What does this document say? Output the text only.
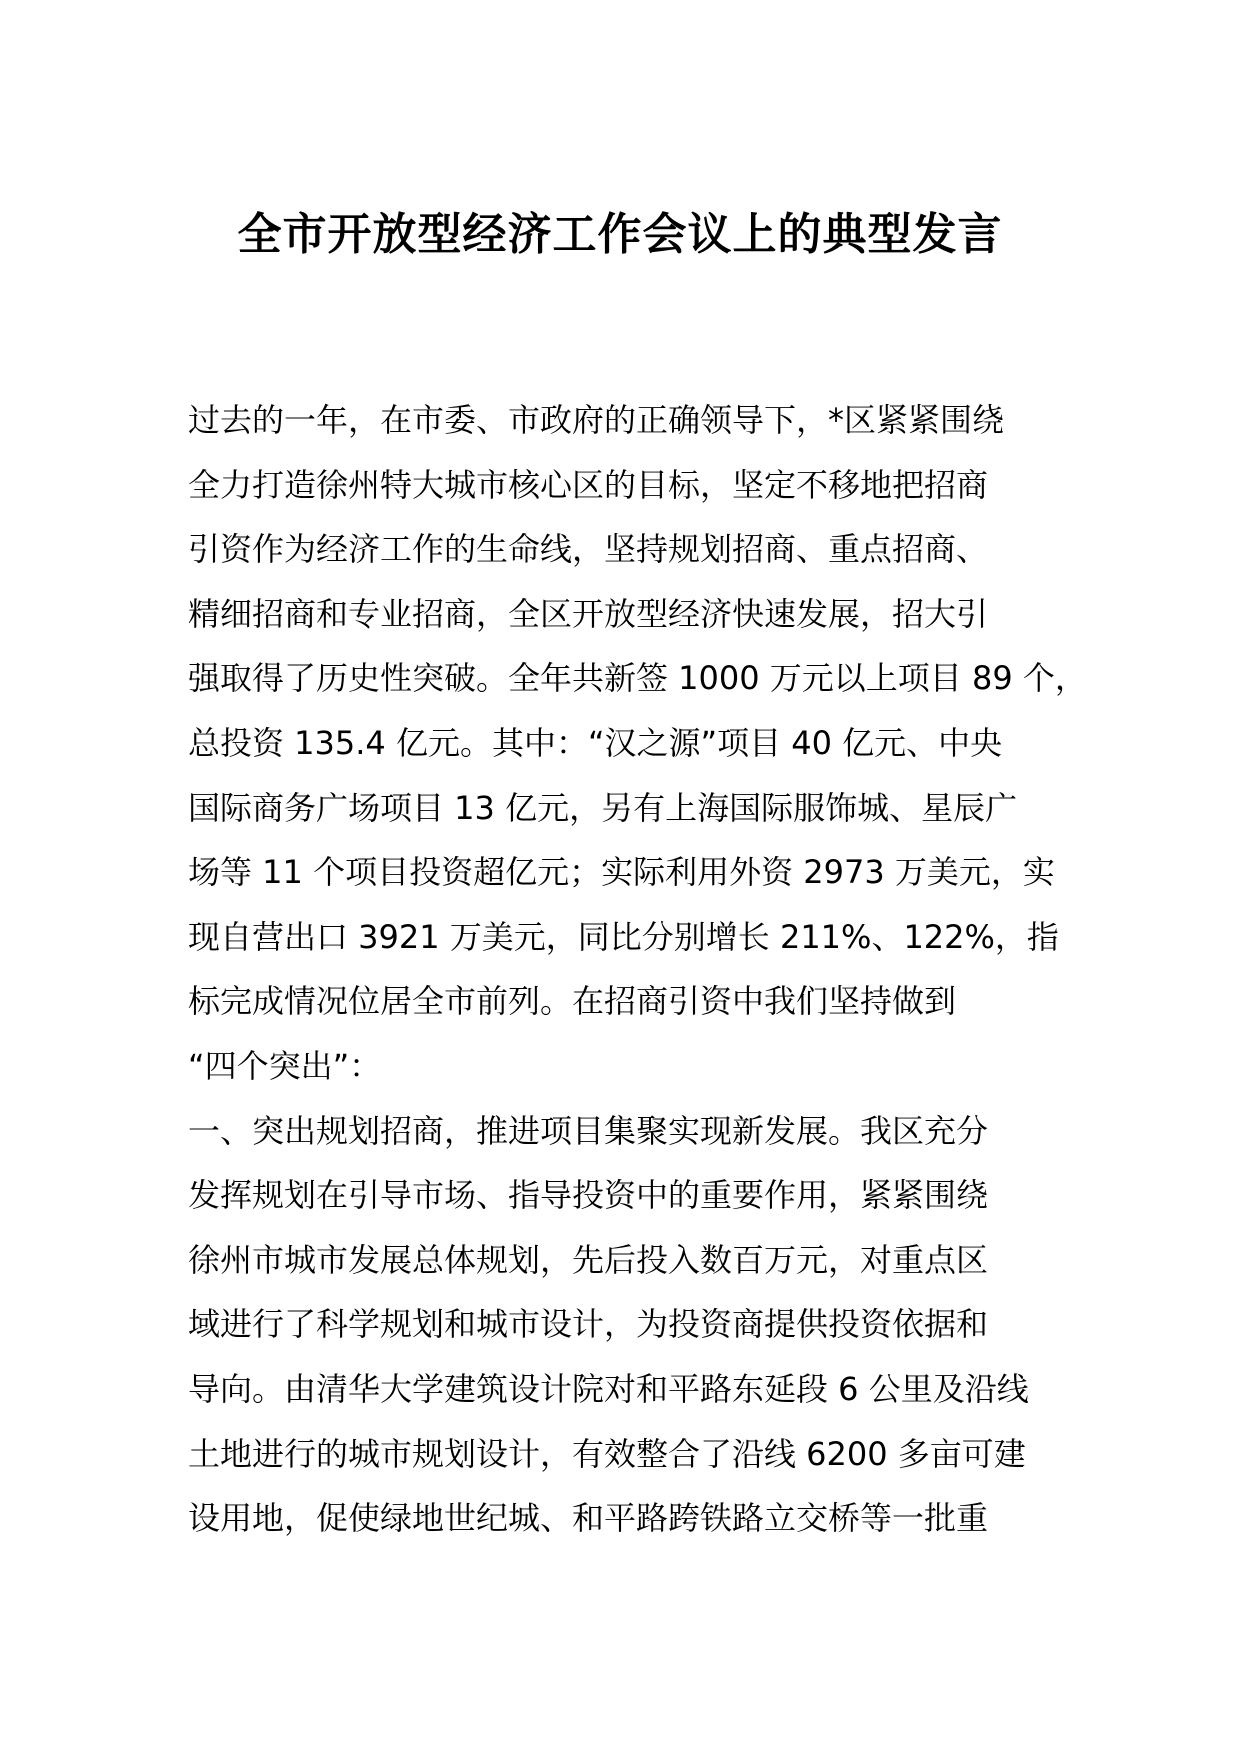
全市开放型经济工作会议上的典型发言
过去的一年，在市委、市政府的正确领导下，*区紧紧围绕
全力打造徐州特大城市核心区的目标，坚定不移地把招商
引资作为经济工作的生命线，坚持规划招商、重点招商、
精细招商和专业招商，全区开放型经济快速发展，招大引
强取得了历史性突破。全年共新签 1000 万元以上项目 89 个，
总投资 135.4 亿元。其中：“汉之源”项目 40 亿元、中央
国际商务广场项目 13 亿元，另有上海国际服饰城、星辰广
场等 11 个项目投资超亿元；实际利用外资 2973 万美元，实
现自营出口 3921 万美元，同比分别增长 211%、122%，指
标完成情况位居全市前列。在招商引资中我们坚持做到
“四个突出”：
一、突出规划招商，推进项目集聚实现新发展。我区充分
发挥规划在引导市场、指导投资中的重要作用，紧紧围绕
徐州市城市发展总体规划，先后投入数百万元，对重点区
域进行了科学规划和城市设计，为投资商提供投资依据和
导向。由清华大学建筑设计院对和平路东延段 6 公里及沿线
土地进行的城市规划设计，有效整合了沿线 6200 多亩可建
设用地，促使绿地世纪城、和平路跨铁路立交桥等一批重
